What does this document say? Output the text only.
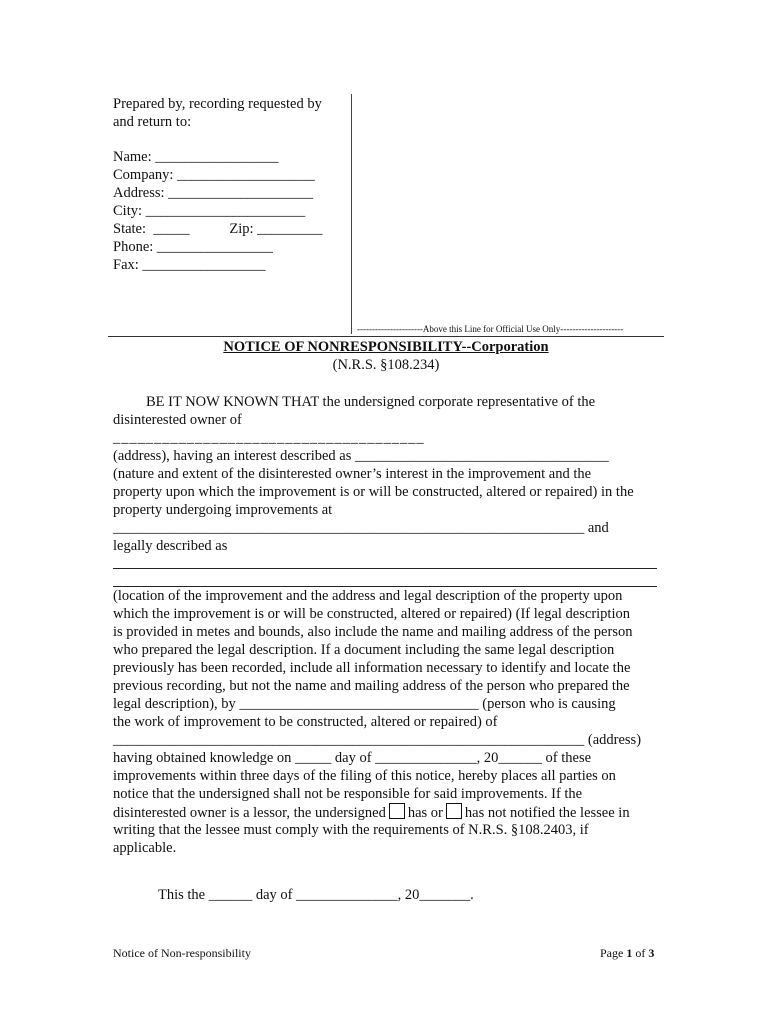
Prepared by, recording requested by
and return to:
Name: _________________
Company: ___________________
Address: ____________________
City: ______________________
State:  _____           Zip: _________
Phone: ________________
Fax: _________________
----------------------Above this Line for Official Use Only---------------------
NOTICE OF NONRESPONSIBILITY--Corporation
(N.R.S. §108.234)
BE IT NOW KNOWN THAT the undersigned corporate representative of the
disinterested owner of
______________________________________
(address), having an interest described as ___________________________________
(nature and extent of the disinterested owner’s interest in the improvement and the
property upon which the improvement is or will be constructed, altered or repaired) in the
property undergoing improvements at
_________________________________________________________________ and
legally described as
(location of the improvement and the address and legal description of the property upon
which the improvement is or will be constructed, altered or repaired) (If legal description
is provided in metes and bounds, also include the name and mailing address of the person
who prepared the legal description. If a document including the same legal description
previously has been recorded, include all information necessary to identify and locate the
previous recording, but not the name and mailing address of the person who prepared the
legal description), by _________________________________ (person who is causing
the work of improvement to be constructed, altered or repaired) of
_________________________________________________________________ (address)
having obtained knowledge on _____ day of ______________, 20______ of these
improvements within three days of the filing of this notice, hereby places all parties on
notice that the undersigned shall not be responsible for said improvements. If the
disinterested owner is a lessor, the undersigned has or has not notified the lessee in
writing that the lessee must comply with the requirements of N.R.S. §108.2403, if
applicable.
This the ______ day of ______________, 20_______.
Notice of Non-responsibility	Page 1 of 3
